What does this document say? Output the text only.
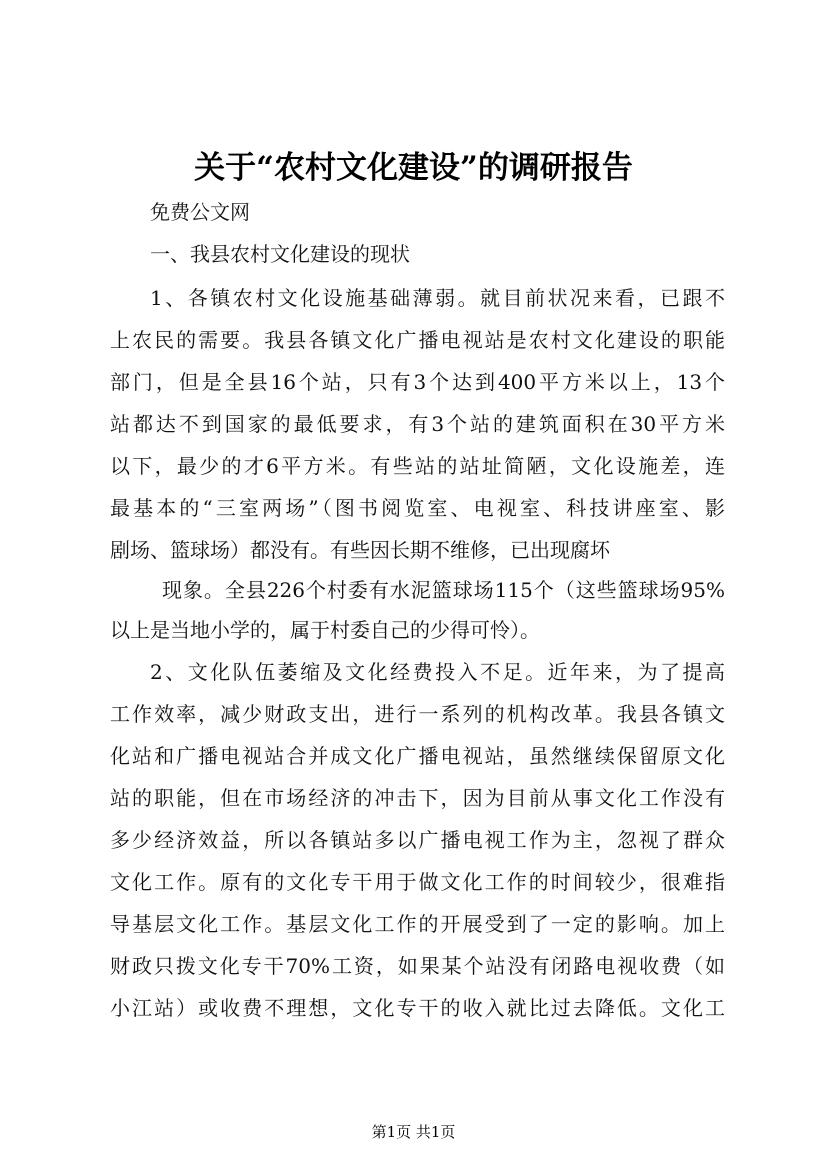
关于“农村文化建设”的调研报告
免费公文网
一、我县农村文化建设的现状
1、各镇农村文化设施基础薄弱。就目前状况来看，已跟不
上农民的需要。我县各镇文化广播电视站是农村文化建设的职能
部门，但是全县16个站，只有3个达到400平方米以上，13个
站都达不到国家的最低要求，有3个站的建筑面积在30平方米
以下，最少的才6平方米。有些站的站址简陋，文化设施差，连
最基本的“三室两场”（图书阅览室、电视室、科技讲座室、影
剧场、篮球场）都没有。有些因长期不维修，已出现腐坏
现象。全县226个村委有水泥篮球场115个（这些篮球场95%
以上是当地小学的，属于村委自己的少得可怜）。
2、文化队伍萎缩及文化经费投入不足。近年来，为了提高
工作效率，减少财政支出，进行一系列的机构改革。我县各镇文
化站和广播电视站合并成文化广播电视站，虽然继续保留原文化
站的职能，但在市场经济的冲击下，因为目前从事文化工作没有
多少经济效益，所以各镇站多以广播电视工作为主，忽视了群众
文化工作。原有的文化专干用于做文化工作的时间较少，很难指
导基层文化工作。基层文化工作的开展受到了一定的影响。加上
财政只拨文化专干70%工资，如果某个站没有闭路电视收费（如
小江站）或收费不理想，文化专干的收入就比过去降低。文化工
第1页 共1页
